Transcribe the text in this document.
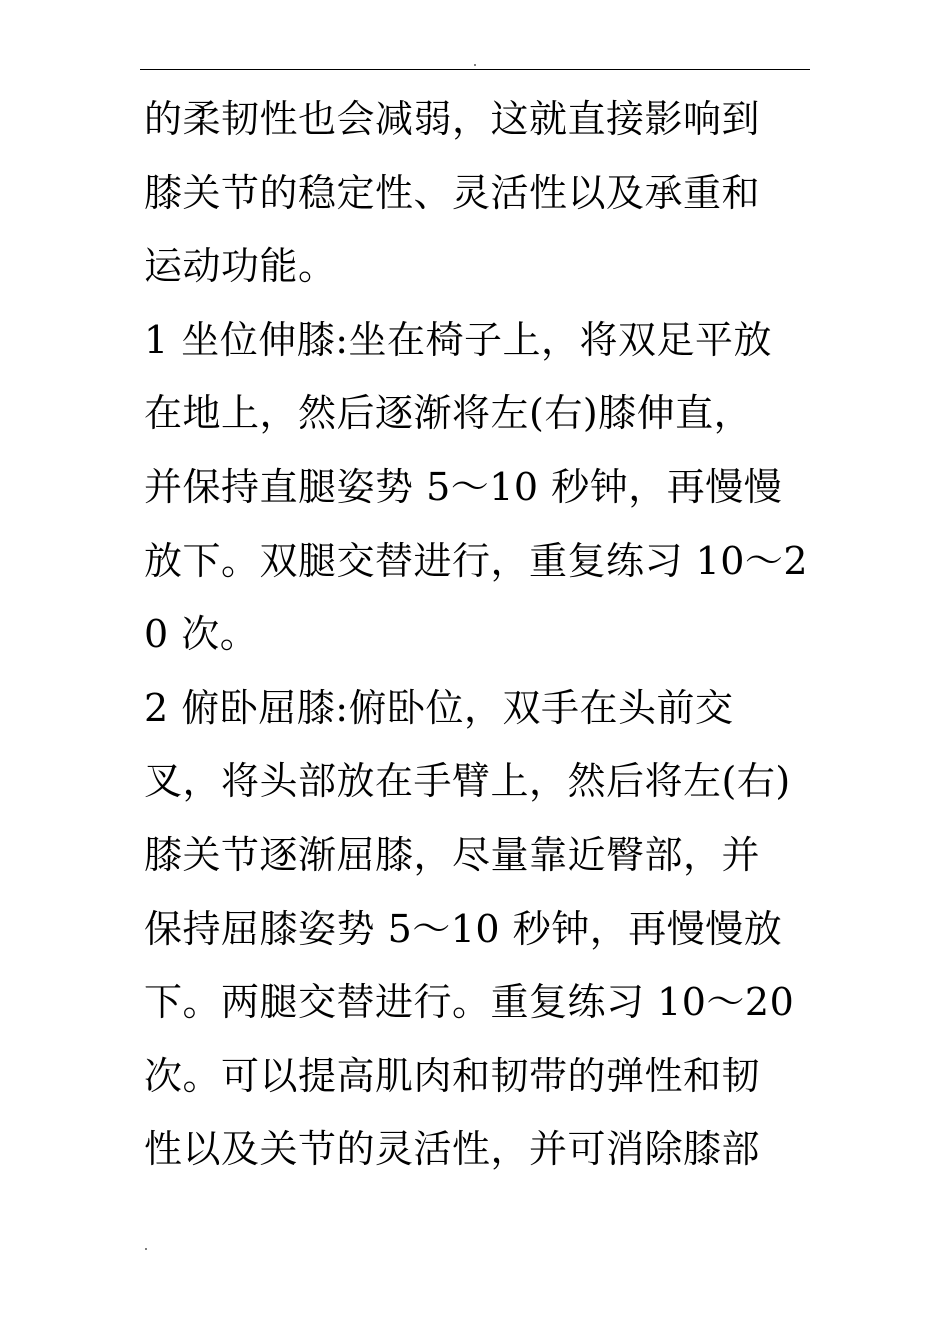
的柔韧性也会减弱，这就直接影响到
膝关节的稳定性、灵活性以及承重和
运动功能。
1 坐位伸膝:坐在椅子上，将双足平放
在地上，然后逐渐将左(右)膝伸直，
并保持直腿姿势 5～10 秒钟，再慢慢
放下。双腿交替进行，重复练习 10～2
0 次。
2 俯卧屈膝:俯卧位，双手在头前交
叉，将头部放在手臂上，然后将左(右)
膝关节逐渐屈膝，尽量靠近臀部，并
保持屈膝姿势 5～10 秒钟，再慢慢放
下。两腿交替进行。重复练习 10～20
次。可以提高肌肉和韧带的弹性和韧
性以及关节的灵活性，并可消除膝部
